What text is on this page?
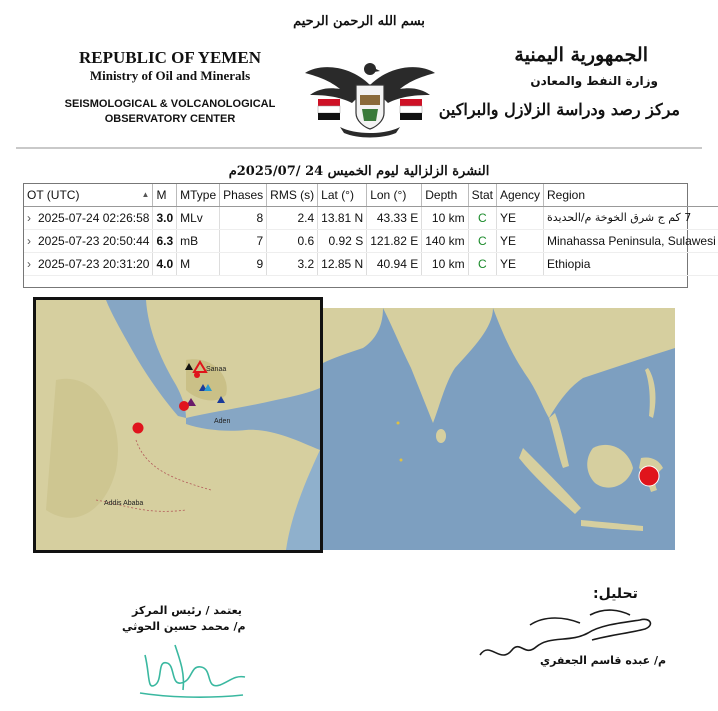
بسم الله الرحمن الرحيم
REPUBLIC OF YEMEN
Ministry of Oil and Minerals
SEISMOLOGICAL & VOLCANOLOGICAL
OBSERVATORY CENTER
الجمهورية اليمنية
وزارة النفط والمعادن
مركز رصد ودراسة الزلازل والبراكين
النشرة الزلزالية ليوم الخميس 24 /2025/07م
OT (UTC) ▲	M	MType	Phases	RMS (s)	Lat (°)	Lon (°)	Depth	Stat	Agency	Region
› 2025-07-24 02:26:58	3.0	MLv	8	2.4	13.81 N	43.33 E	10 km	C	YE	7 كم ج شرق الخوخة م/الحديدة
› 2025-07-23 20:50:44	6.3	mB	7	0.6	0.92 S	121.82 E	140 km	C	YE	Minahassa Peninsula, Sulawesi
› 2025-07-23 20:31:20	4.0	M	9	3.2	12.85 N	40.94 E	10 km	C	YE	Ethiopia
Sanaa
Aden
Addis Ababa
تحليل:
م/ عبده قاسم الجعفري
يعتمد / رئيس المركز
م/ محمد حسين الحوثي
